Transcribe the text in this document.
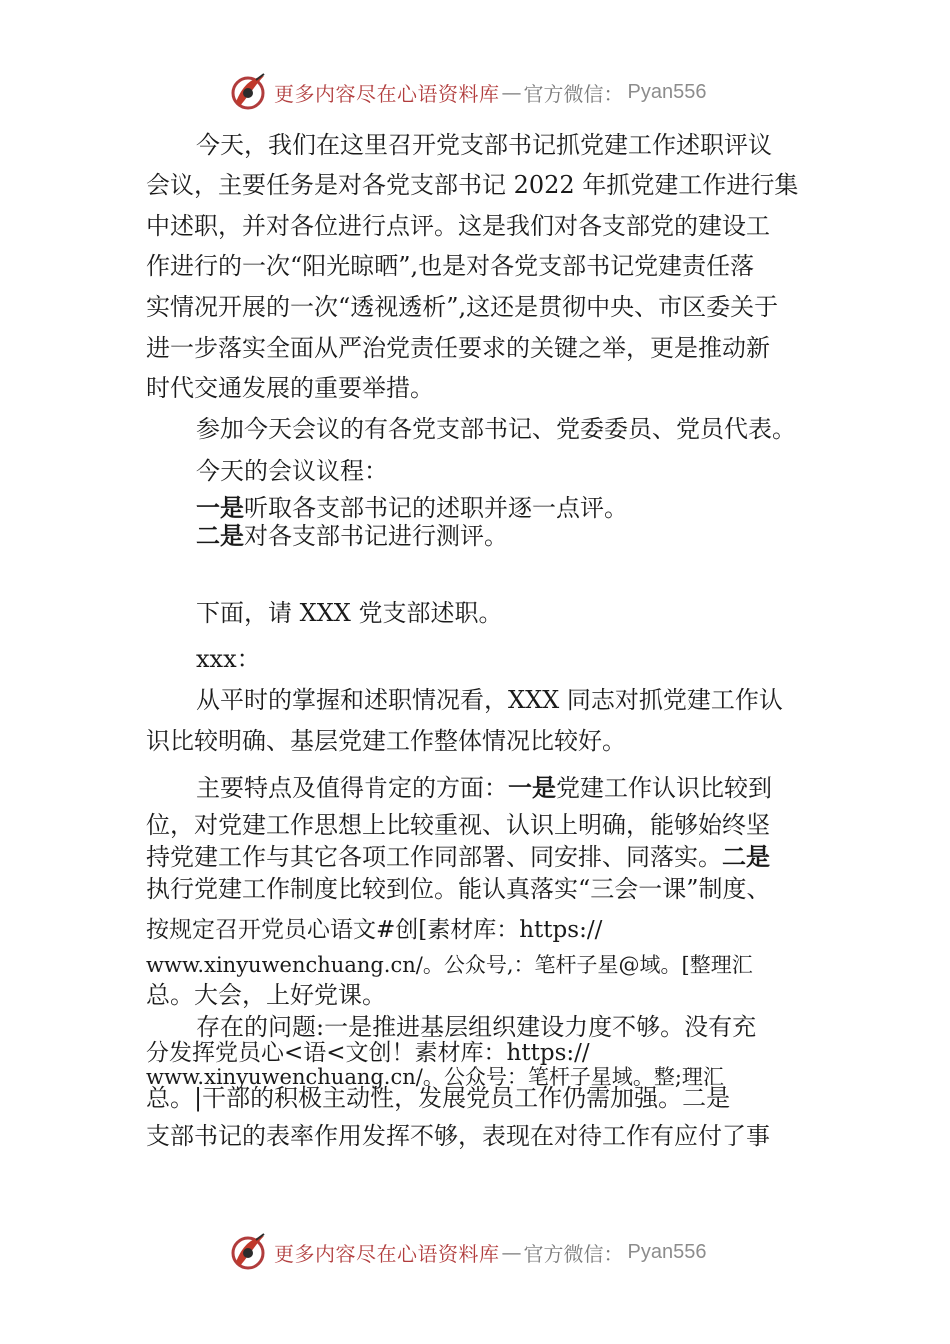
更多内容尽在心语资料库 — 官方微信： Pyan556
今天，我们在这里召开党支部书记抓党建工作述职评议
会议，主要任务是对各党支部书记 2022 年抓党建工作进行集
中述职，并对各位进行点评。这是我们对各支部党的建设工
作进行的一次“阳光晾晒”,也是对各党支部书记党建责任落
实情况开展的一次“透视透析”,这还是贯彻中央、市区委关于
进一步落实全面从严治党责任要求的关键之举，更是推动新
时代交通发展的重要举措。
参加今天会议的有各党支部书记、党委委员、党员代表。
今天的会议议程：
一是听取各支部书记的述职并逐一点评。
二是对各支部书记进行测评。
下面，请 XXX 党支部述职。
xxx：
从平时的掌握和述职情况看，XXX 同志对抓党建工作认
识比较明确、基层党建工作整体情况比较好。
主要特点及值得肯定的方面：一是党建工作认识比较到
位，对党建工作思想上比较重视、认识上明确，能够始终坚
持党建工作与其它各项工作同部署、同安排、同落实。二是
执行党建工作制度比较到位。能认真落实“三会一课”制度、
按规定召开党员心语文#创[素材库：https://
www.xinyuwenchuang.cn/。公众号,：笔杆子星@域。[整理汇
总。大会，上好党课。
存在的问题:一是推进基层组织建设力度不够。没有充
分发挥党员心<语<文创！素材库：https://
www.xinyuwenchuang.cn/。公众号：笔杆子星域。整;理汇
总。|干部的积极主动性，发展党员工作仍需加强。二是
支部书记的表率作用发挥不够，表现在对待工作有应付了事
更多内容尽在心语资料库 — 官方微信： Pyan556
